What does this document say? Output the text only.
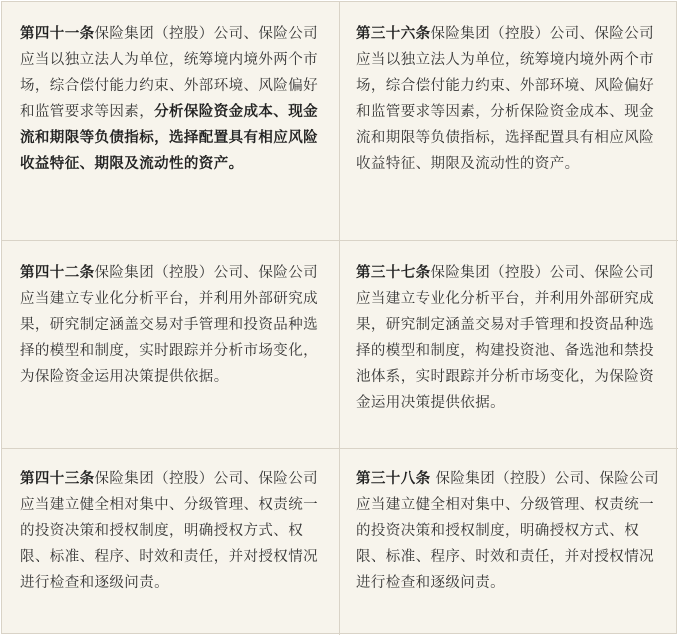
第四十一条保险集团（控股）公司、保险公司应当以独立法人为单位，统筹境内境外两个市场，综合偿付能力约束、外部环境、风险偏好和监管要求等因素，分析保险资金成本、现金流和期限等负债指标，选择配置具有相应风险收益特征、期限及流动性的资产。
第三十六条保险集团（控股）公司、保险公司应当以独立法人为单位，统筹境内境外两个市场，综合偿付能力约束、外部环境、风险偏好和监管要求等因素，分析保险资金成本、现金流和期限等负债指标，选择配置具有相应风险收益特征、期限及流动性的资产。
第四十二条保险集团（控股）公司、保险公司应当建立专业化分析平台，并利用外部研究成果，研究制定涵盖交易对手管理和投资品种选择的模型和制度，实时跟踪并分析市场变化，为保险资金运用决策提供依据。
第三十七条保险集团（控股）公司、保险公司应当建立专业化分析平台，并利用外部研究成果，研究制定涵盖交易对手管理和投资品种选择的模型和制度，构建投资池、备选池和禁投池体系，实时跟踪并分析市场变化，为保险资金运用决策提供依据。
第四十三条保险集团（控股）公司、保险公司应当建立健全相对集中、分级管理、权责统一的投资决策和授权制度，明确授权方式、权限、标准、程序、时效和责任，并对授权情况进行检查和逐级问责。
第三十八条 保险集团（控股）公司、保险公司应当建立健全相对集中、分级管理、权责统一的投资决策和授权制度，明确授权方式、权限、标准、程序、时效和责任，并对授权情况进行检查和逐级问责。
